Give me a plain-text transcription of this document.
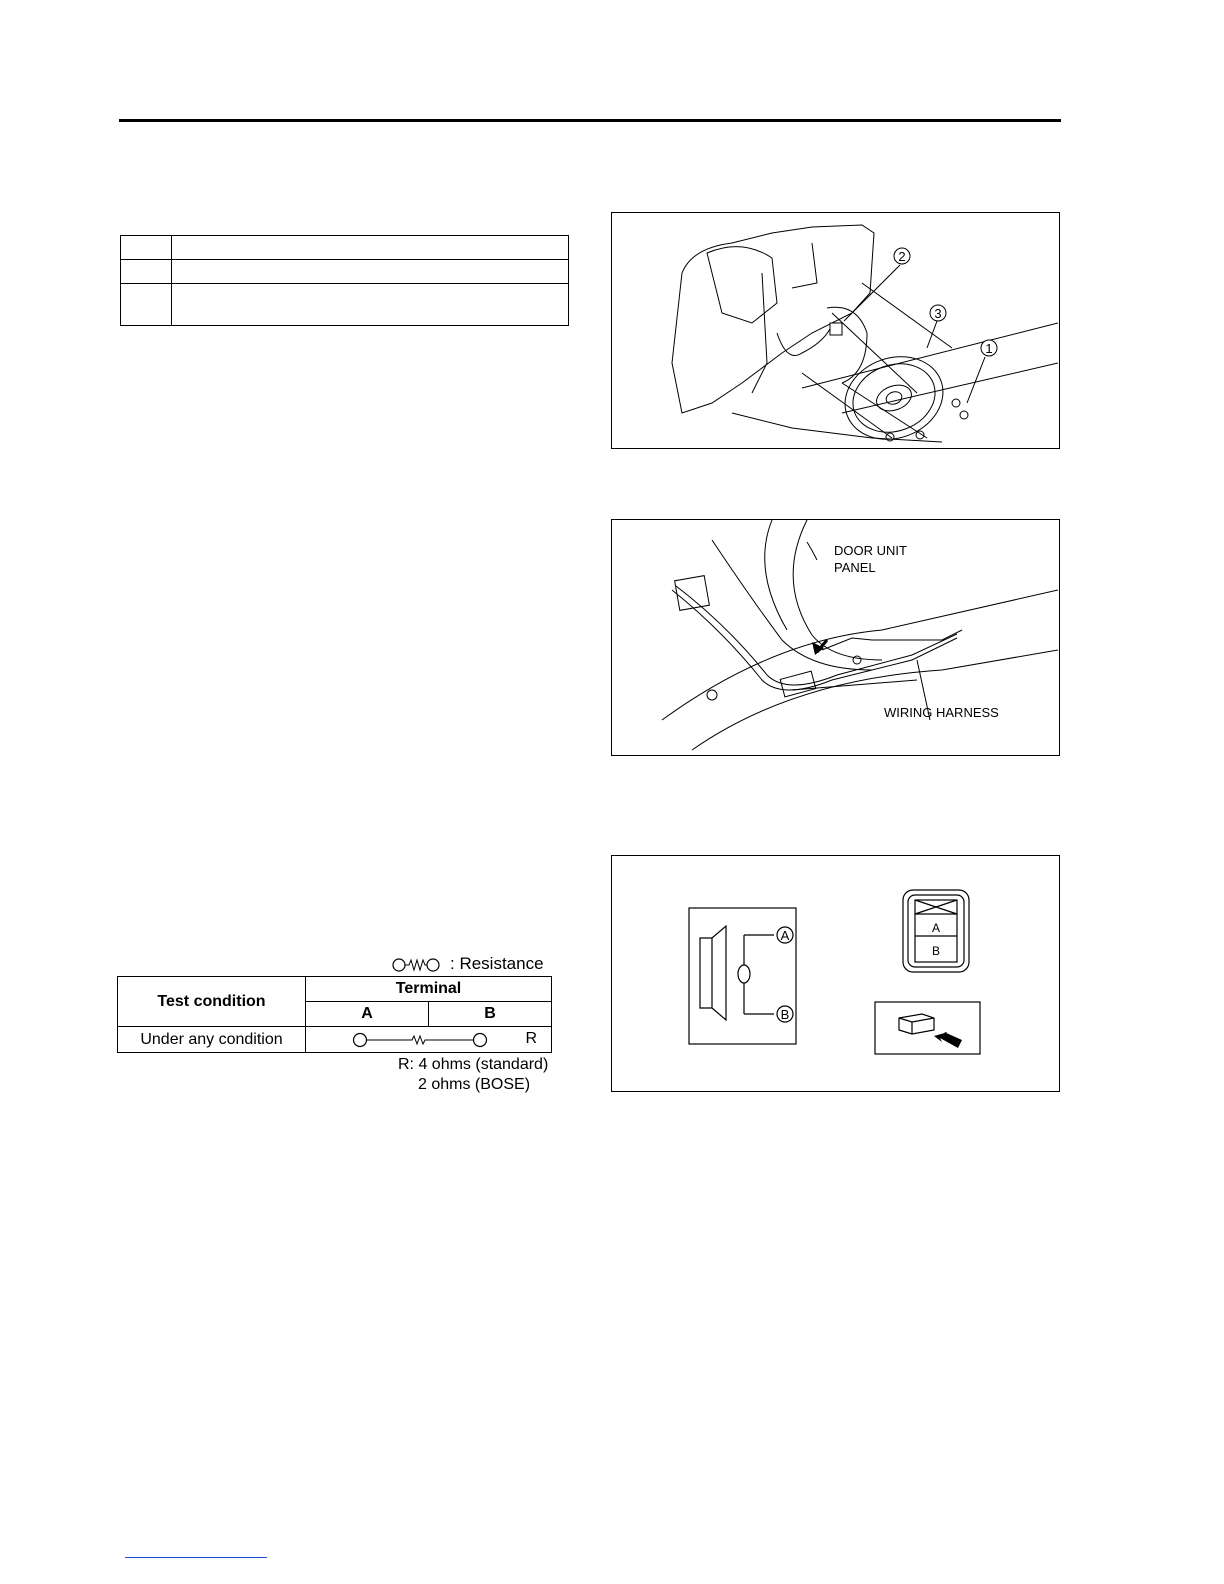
2
3
1
DOOR UNIT
PANEL
WIRING HARNESS
A
B
A
B
: Resistance
Test condition	Terminal	
	A	B
Under any condition	R	
R: 4 ohms (standard)
2 ohms (BOSE)
